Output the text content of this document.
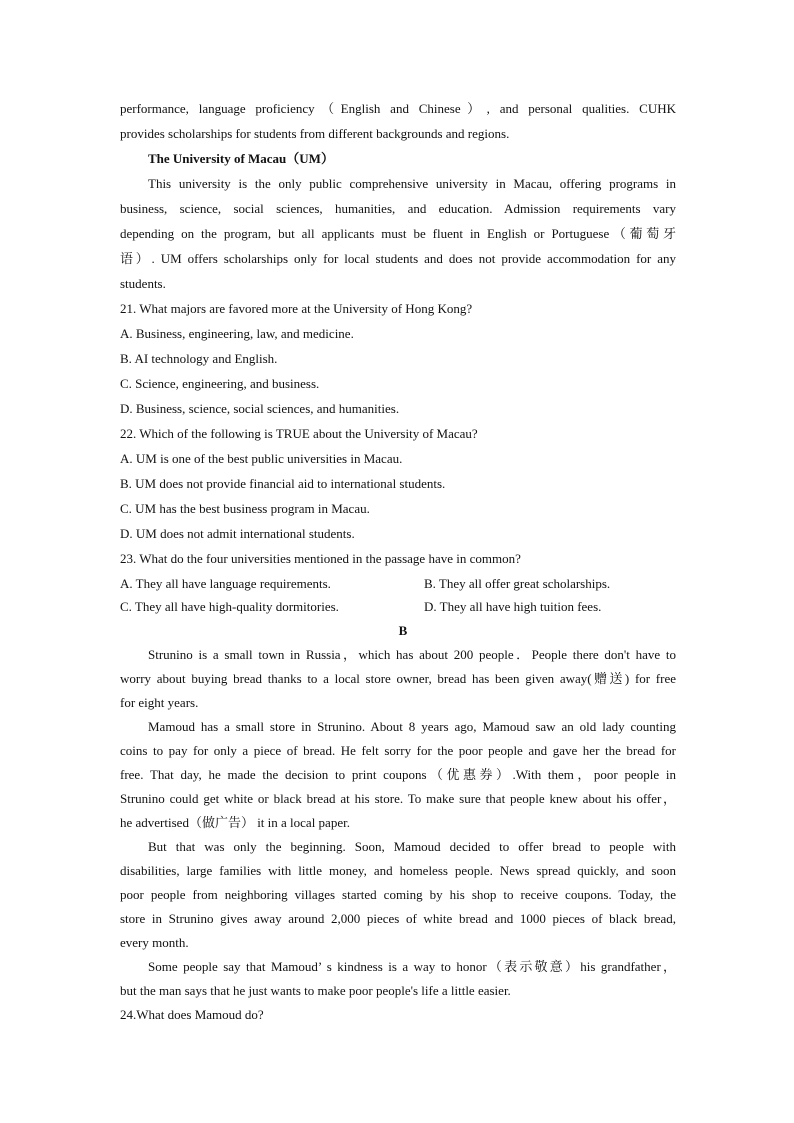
performance, language proficiency（English and Chinese）, and personal qualities. CUHK
provides scholarships for students from different backgrounds and regions.
The University of Macau（UM）
This university is the only public comprehensive university in Macau, offering programs in
business, science, social sciences, humanities, and education. Admission requirements vary
depending on the program, but all applicants must be fluent in English or Portuguese（葡萄牙
语）. UM offers scholarships only for local students and does not provide accommodation for any
students.
21. What majors are favored more at the University of Hong Kong?
A. Business, engineering, law, and medicine.
B. AI technology and English.
C. Science, engineering, and business.
D. Business, science, social sciences, and humanities.
22. Which of the following is TRUE about the University of Macau?
A. UM is one of the best public universities in Macau.
B. UM does not provide financial aid to international students.
C. UM has the best business program in Macau.
D. UM does not admit international students.
23. What do the four universities mentioned in the passage have in common?
A. They all have language requirements.	B. They all offer great scholarships.
C. They all have high-quality dormitories.	D. They all have high tuition fees.
B
Strunino is a small town in Russia，which has about 200 people．People there don't have to
worry about buying bread thanks to a local store owner, bread has been given away(赠送) for free
for eight years.
Mamoud has a small store in Strunino. About 8 years ago, Mamoud saw an old lady counting
coins to pay for only a piece of bread. He felt sorry for the poor people and gave her the bread for
free. That day, he made the decision to print coupons（优惠券）.With them，poor people in
Strunino could get white or black bread at his store. To make sure that people knew about his offer，
he advertised（做广告） it in a local paper.
But that was only the beginning. Soon, Mamoud decided to offer bread to people with
disabilities, large families with little money, and homeless people. News spread quickly, and soon
poor people from neighboring villages started coming by his shop to receive coupons. Today, the
store in Strunino gives away around 2,000 pieces of white bread and 1000 pieces of black bread,
every month.
Some people say that Mamoud’ s kindness is a way to honor（表示敬意）his grandfather，
but the man says that he just wants to make poor people's life a little easier.
24.What does Mamoud do?
